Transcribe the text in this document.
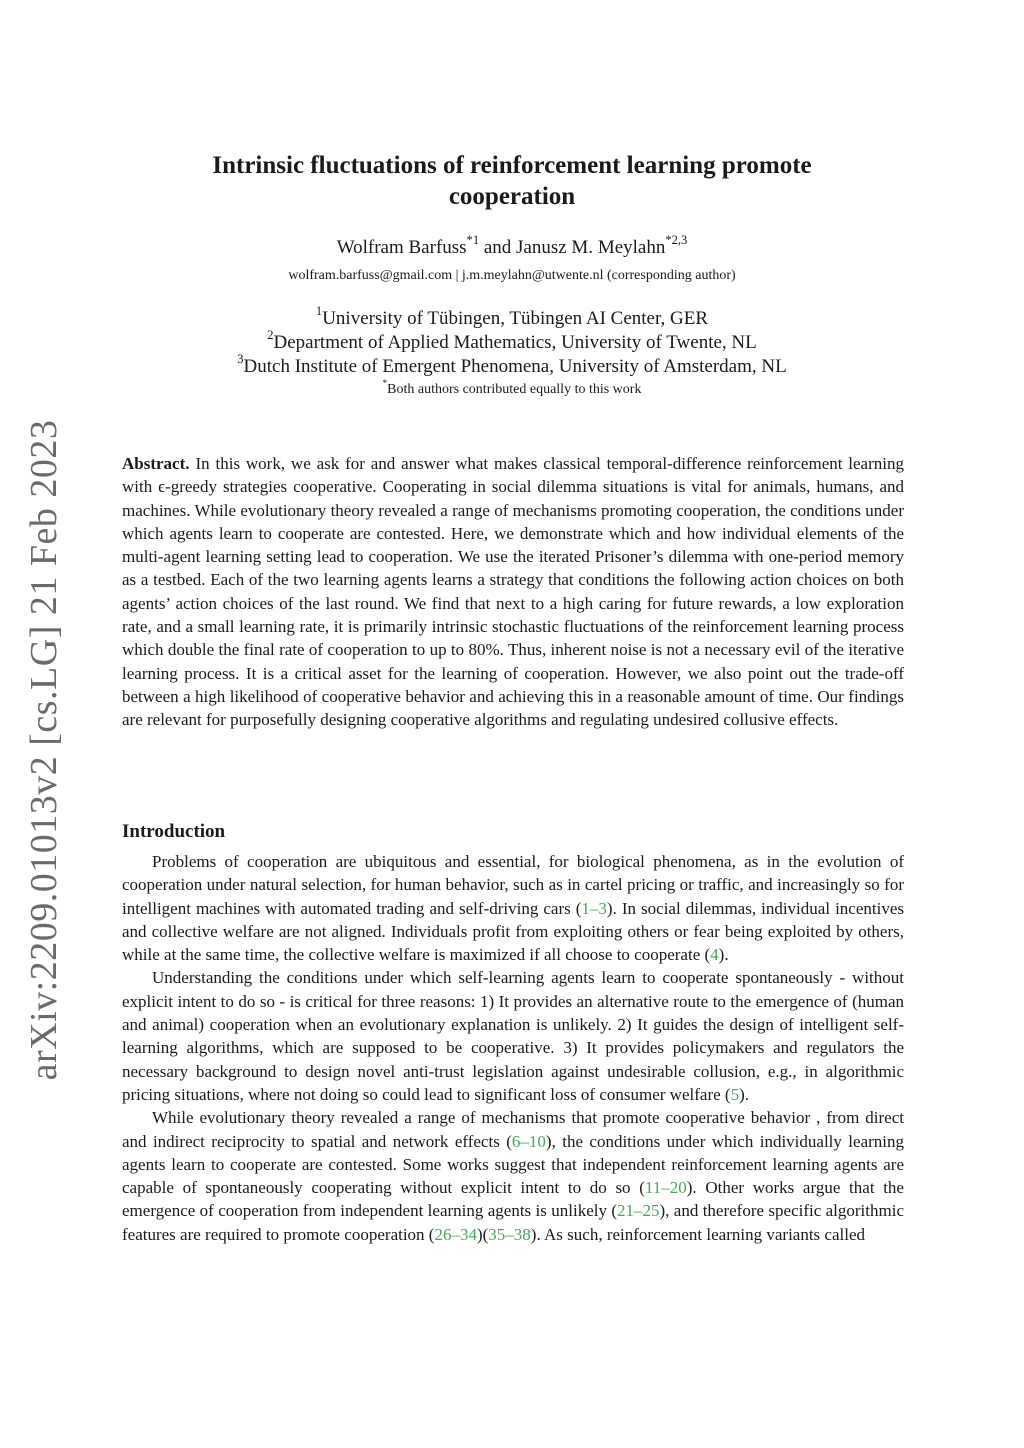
arXiv:2209.01013v2 [cs.LG] 21 Feb 2023
Intrinsic fluctuations of reinforcement learning promote
cooperation
Wolfram Barfuss$^{*1}$ and Janusz M. Meylahn$^{*2,3}$
wolfram.barfuss@gmail.com | j.m.meylahn@utwente.nl (corresponding author)
$^1$University of Tübingen, Tübingen AI Center, GER
$^2$Department of Applied Mathematics, University of Twente, NL
$^3$Dutch Institute of Emergent Phenomena, University of Amsterdam, NL
*Both authors contributed equally to this work
Abstract. In this work, we ask for and answer what makes classical temporal-difference reinforcement learning with ϵ-greedy strategies cooperative. Cooperating in social dilemma situations is vital for animals, humans, and machines. While evolutionary theory revealed a range of mechanisms promoting cooperation, the conditions under which agents learn to cooperate are contested. Here, we demonstrate which and how individual elements of the multi-agent learning setting lead to cooperation. We use the iterated Prisoner’s dilemma with one-period memory as a testbed. Each of the two learning agents learns a strategy that conditions the following action choices on both agents’ action choices of the last round. We find that next to a high caring for future rewards, a low exploration rate, and a small learning rate, it is primarily intrinsic stochastic fluctuations of the reinforcement learning process which double the final rate of cooperation to up to 80%. Thus, inherent noise is not a necessary evil of the iterative learning process. It is a critical asset for the learning of cooperation. However, we also point out the trade-off between a high likelihood of cooperative behavior and achieving this in a reasonable amount of time. Our findings are relevant for purposefully designing cooperative algorithms and regulating undesired collusive effects.
Introduction

Problems of cooperation are ubiquitous and essential, for biological phenomena, as in the evolution of cooperation under natural selection, for human behavior, such as in cartel pricing or traffic, and increasingly so for intelligent machines with automated trading and self-driving cars (1–3). In social dilemmas, individual incentives and collective welfare are not aligned. Individuals profit from exploiting others or fear being exploited by others, while at the same time, the collective welfare is maximized if all choose to cooperate (4).

Understanding the conditions under which self-learning agents learn to cooperate spontaneously - without explicit intent to do so - is critical for three reasons: 1) It provides an alternative route to the emergence of (human and animal) cooperation when an evolutionary explanation is unlikely. 2) It guides the design of intelligent self-learning algorithms, which are supposed to be cooperative. 3) It provides policymakers and regulators the necessary background to design novel anti-trust legislation against undesirable collusion, e.g., in algorithmic pricing situations, where not doing so could lead to significant loss of consumer welfare (5).

While evolutionary theory revealed a range of mechanisms that promote cooperative behavior , from direct and indirect reciprocity to spatial and network effects (6–10), the conditions under which individually learning agents learn to cooperate are contested. Some works suggest that independent reinforcement learning agents are capable of spontaneously cooperating without explicit intent to do so (11–20). Other works argue that the emergence of cooperation from independent learning agents is unlikely (21–25), and therefore specific algorithmic features are required to promote cooperation (26–34)(35–38). As such, reinforcement learning variants called
